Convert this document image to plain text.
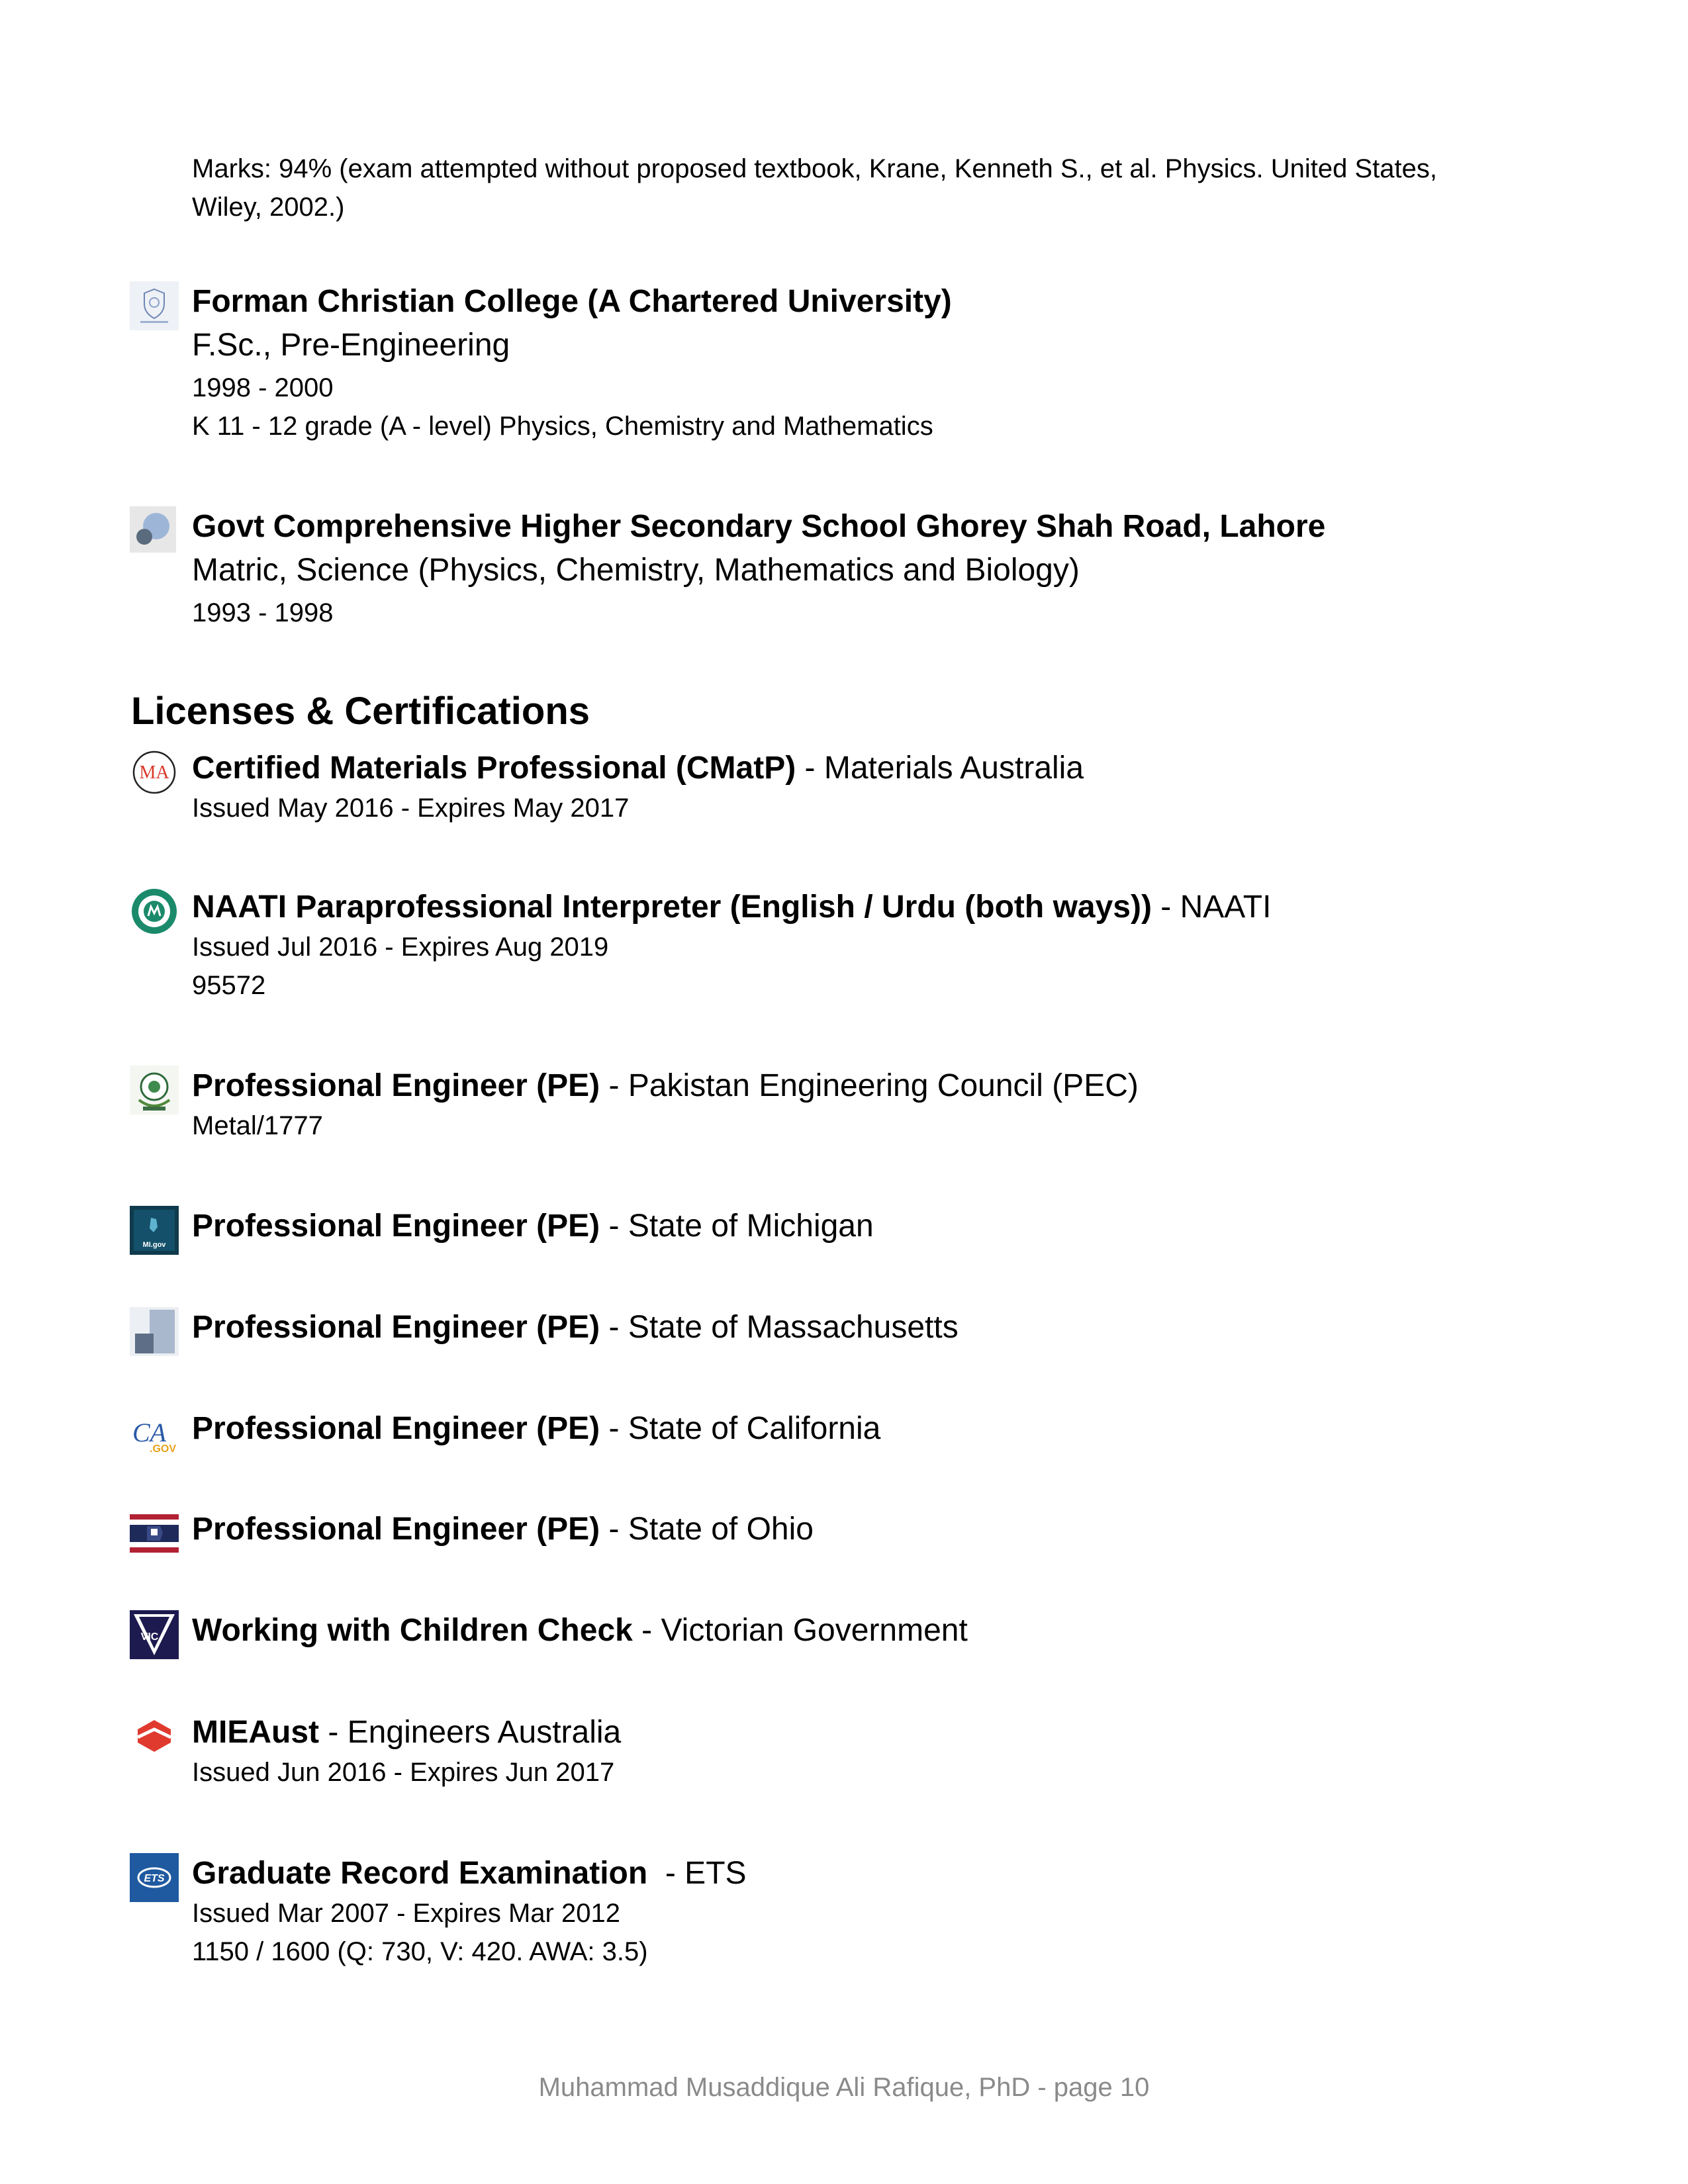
Marks: 94% (exam attempted without proposed textbook, Krane, Kenneth S., et al. Physics. United States, Wiley, 2002.)
Forman Christian College (A Chartered University)
F.Sc., Pre-Engineering
1998 - 2000
K 11 - 12 grade (A - level) Physics, Chemistry and Mathematics
Govt Comprehensive Higher Secondary School Ghorey Shah Road, Lahore
Matric, Science (Physics, Chemistry, Mathematics and Biology)
1993 - 1998
Licenses & Certifications
MA Certified Materials Professional (CMatP) - Materials Australia
Issued May 2016 - Expires May 2017
NAATI Paraprofessional Interpreter (English / Urdu (both ways)) - NAATI
Issued Jul 2016 - Expires Aug 2019
95572
Professional Engineer (PE) - Pakistan Engineering Council (PEC)
Metal/1777
MI.gov
Professional Engineer (PE) - State of Michigan
Professional Engineer (PE) - State of Massachusetts
CA
.GOV
Professional Engineer (PE) - State of California
Professional Engineer (PE) - State of Ohio
VIC Working with Children Check - Victorian Government
MIEAust - Engineers Australia
Issued Jun 2016 - Expires Jun 2017
ETS Graduate Record Examination  - ETS
Issued Mar 2007 - Expires Mar 2012
1150 / 1600 (Q: 730, V: 420. AWA: 3.5)
Muhammad Musaddique Ali Rafique, PhD - page 10
